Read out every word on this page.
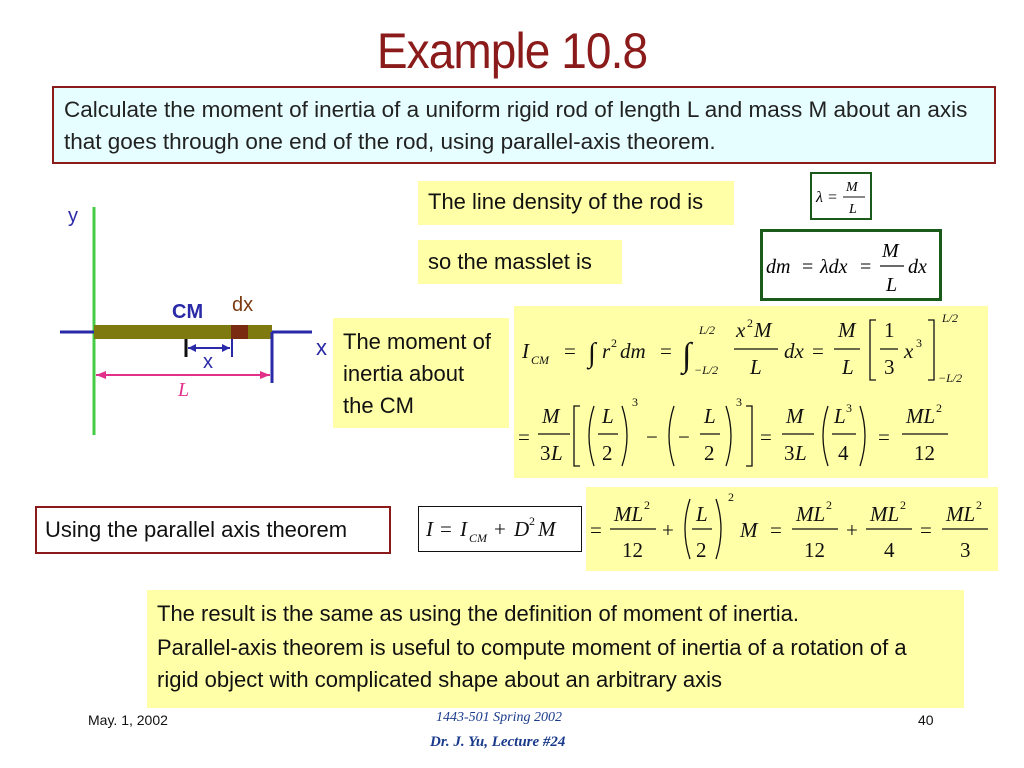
Example 10.8
Calculate the moment of inertia of a uniform rigid rod of length L and mass M about an axis that goes through one end of the rod, using parallel-axis theorem.
y
x
CM dx
x
L
The line density of the rod is	λ =
M
L
so the masslet is	dm = λdx =
M
L
dx
The moment of inertia about the CM
I CM = ∫ r 2 dm = ∫
L/2
−L/2
x 2 M
L
dx =
M
L
1
3
x 3
L/2
−L/2
=
M
3 L
L
2
3
− −
L
2
3
=
M
3 L
L 3
4
=
ML 2
12
Using the parallel axis theorem	I = I CM + D 2 M =
ML 2
12
+
L
2
2
M =
ML 2
12
+
ML 2
4
=
ML 2
3

The result is the same as using the definition of moment of inertia.

Parallel-axis theorem is useful to compute moment of inertia of a rotation of a rigid object with complicated shape about an arbitrary axis

May. 1, 2002	1443-501 Spring 2002
Dr. J. Yu, Lecture #24
40
